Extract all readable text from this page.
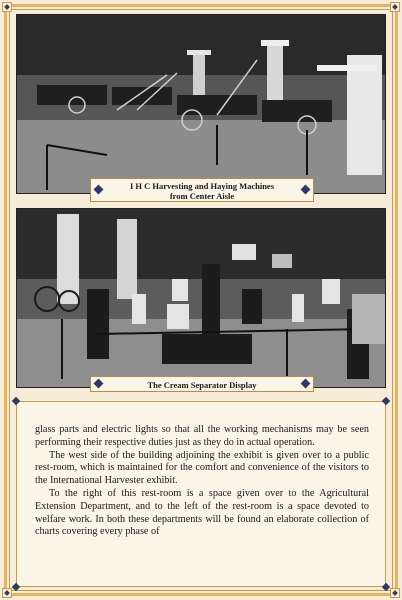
I H C Harvesting and Haying Machines
from Center Aisle
The Cream Separator Display

glass parts and electric lights so that all the working mechanisms may be seen performing their respective duties just as they do in actual operation.

The west side of the building adjoining the exhibit is given over to a public rest-room, which is maintained for the comfort and convenience of the visitors to the International Harvester exhibit.

To the right of this rest-room is a space given over to the Agricultural Extension Department, and to the left of the rest-room is a space devoted to welfare work. In both these departments will be found an elaborate collection of charts covering every phase of
